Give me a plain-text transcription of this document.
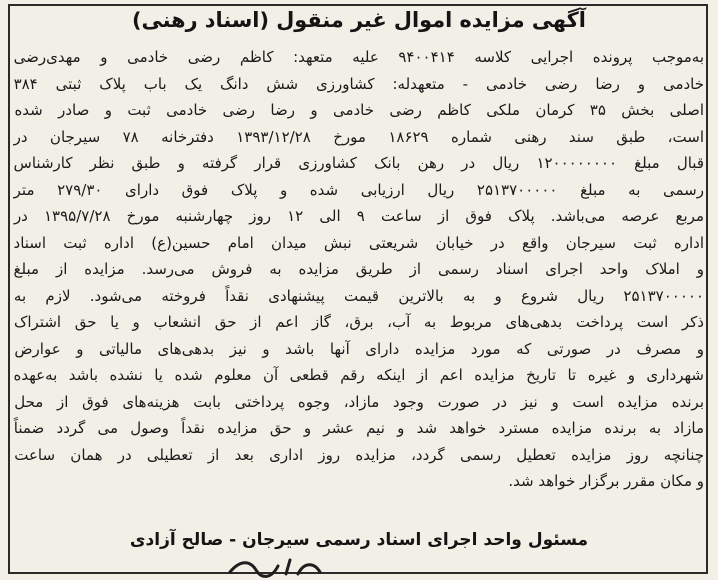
آگهی مزایده اموال غیر منقول (اسناد رهنی)
به‌موجب پرونده اجرایی کلاسه ۹۴۰۰۴۱۴ علیه متعهد: کاظم رضی خادمی و مهدی‌رضی
خادمی و رضا رضی خادمی - متعهدله: کشاورزی شش دانگ یک باب پلاک ثبتی ۳۸۴
اصلی بخش ۳۵ کرمان ملکی کاظم رضی خادمی و رضا رضی خادمی ثبت و صادر شده
است، طبق سند رهنی شماره ۱۸۶۲۹ مورخ ۱۳۹۳/۱۲/۲۸ دفترخانه ۷۸ سیرجان در
قبال مبلغ ۱۲۰۰۰۰۰۰۰۰ ریال در رهن بانک کشاورزی قرار گرفته و طبق نظر کارشناس
رسمی به مبلغ ۲۵۱۳۷۰۰۰۰۰ ریال ارزیابی شده و پلاک فوق دارای ۲۷۹/۳۰ متر
مربع عرصه می‌باشد. پلاک فوق از ساعت ۹ الی ۱۲ روز چهارشنبه مورخ ۱۳۹۵/۷/۲۸ در
اداره ثبت سیرجان واقع در خیابان شریعتی نبش میدان امام حسین(ع) اداره ثبت اسناد
و املاک واحد اجرای اسناد رسمی از طریق مزایده به فروش می‌رسد. مزایده از مبلغ
۲۵۱۳۷۰۰۰۰۰ ریال شروع و به بالاترین قیمت پیشنهادی نقداً فروخته می‌شود. لازم به
ذکر است پرداخت بدهی‌های مربوط به آب، برق، گاز اعم از حق انشعاب و یا حق اشتراک
و مصرف در صورتی که مورد مزایده دارای آنها باشد و نیز بدهی‌های مالیاتی و عوارض
شهرداری و غیره تا تاریخ مزایده اعم از اینکه رقم قطعی آن معلوم شده یا نشده باشد به‌عهده
برنده مزایده است و نیز در صورت وجود مازاد، وجوه پرداختی بابت هزینه‌های فوق از محل
مازاد به برنده مزایده مسترد خواهد شد و نیم عشر و حق مزایده نقداً وصول می گردد ضمناً
چنانچه روز مزایده تعطیل رسمی گردد، مزایده روز اداری بعد از تعطیلی در همان ساعت
و مکان مقرر برگزار خواهد شد.
مسئول واحد اجرای اسناد رسمی سیرجان - صالح آزادی
